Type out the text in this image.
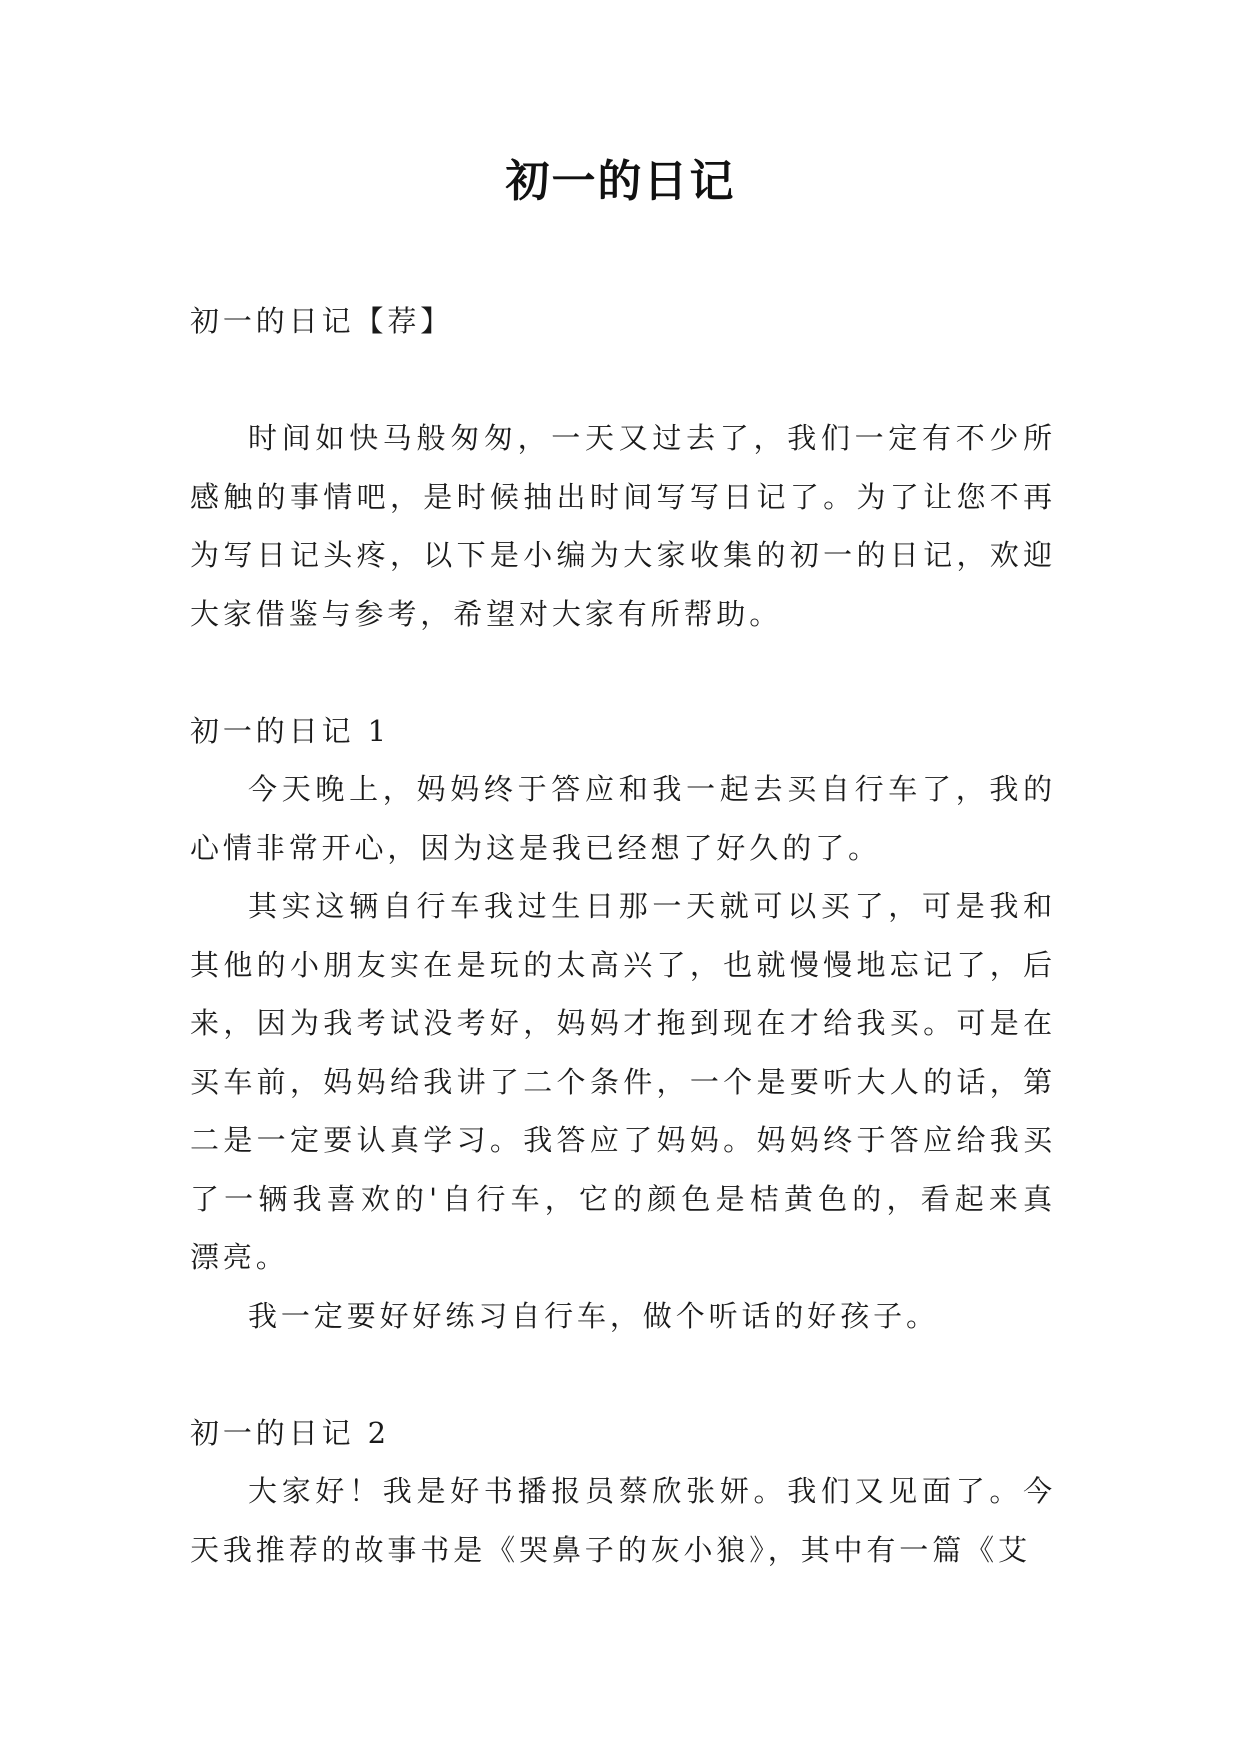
初一的日记

初一的日记【荐】

时间如快马般匆匆，一天又过去了，我们一定有不少所感触的事情吧，是时候抽出时间写写日记了。为了让您不再为写日记头疼，以下是小编为大家收集的初一的日记，欢迎大家借鉴与参考，希望对大家有所帮助。

初一的日记 1

今天晚上，妈妈终于答应和我一起去买自行车了，我的心情非常开心，因为这是我已经想了好久的了。

其实这辆自行车我过生日那一天就可以买了，可是我和其他的小朋友实在是玩的太高兴了，也就慢慢地忘记了，后来，因为我考试没考好，妈妈才拖到现在才给我买。可是在买车前，妈妈给我讲了二个条件，一个是要听大人的话，第二是一定要认真学习。我答应了妈妈。妈妈终于答应给我买了一辆我喜欢的'自行车，它的颜色是桔黄色的，看起来真漂亮。

我一定要好好练习自行车，做个听话的好孩子。

初一的日记 2

大家好！我是好书播报员蔡欣张妍。我们又见面了。今天我推荐的故事书是《哭鼻子的灰小狼》，其中有一篇《艾
